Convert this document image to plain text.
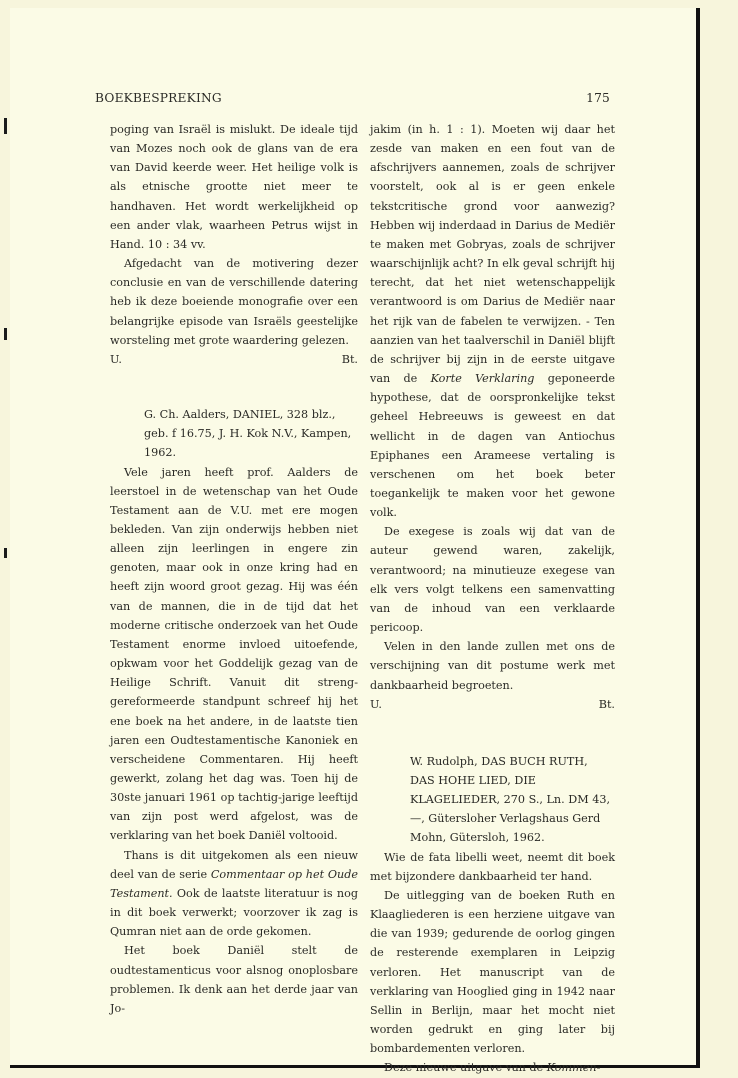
BOEKBESPREKING	175

poging van Israël is mislukt. De ideale tijd van Mozes noch ook de glans van de era van David keerde weer. Het heilige volk is als etnische grootte niet meer te handhaven. Het wordt werkelijkheid op een ander vlak, waarheen Petrus wijst in Hand. 10 : 34 vv.

Afgedacht van de motivering dezer conclusie en van de verschillende datering heb ik deze boeiende monografie over een belangrijke episode van Israëls geestelijke worsteling met grote waardering gelezen.

U.	Bt.

G. Ch. Aalders, DANIEL, 328 blz., geb. f 16.75, J. H. Kok N.V., Kampen, 1962.

Vele jaren heeft prof. Aalders de leerstoel in de wetenschap van het Oude Testament aan de V.U. met ere mogen bekleden. Van zijn onderwijs hebben niet alleen zijn leerlingen in engere zin genoten, maar ook in onze kring had en heeft zijn woord groot gezag. Hij was één van de mannen, die in de tijd dat het moderne critische onderzoek van het Oude Testament enorme invloed uitoefende, opkwam voor het Goddelijk gezag van de Heilige Schrift. Vanuit dit streng-gereformeerde standpunt schreef hij het ene boek na het andere, in de laatste tien jaren een Oudtestamentische Kanoniek en verscheidene Commentaren. Hij heeft gewerkt, zolang het dag was. Toen hij de 30ste januari 1961 op tachtig-jarige leeftijd van zijn post werd afgelost, was de verklaring van het boek Daniël voltooid.

Thans is dit uitgekomen als een nieuw deel van de serie Commentaar op het Oude Testament. Ook de laatste literatuur is nog in dit boek verwerkt; voorzover ik zag is Qumran niet aan de orde gekomen.

Het boek Daniël stelt de oudtestamenticus voor alsnog onoplosbare problemen. Ik denk aan het derde jaar van Jo-

jakim (in h. 1 : 1). Moeten wij daar het zesde van maken en een fout van de afschrijvers aannemen, zoals de schrijver voorstelt, ook al is er geen enkele tekstcritische grond voor aanwezig? Hebben wij inderdaad in Darius de Mediër te maken met Gobryas, zoals de schrijver waarschijnlijk acht? In elk geval schrijft hij terecht, dat het niet wetenschappelijk verantwoord is om Darius de Mediër naar het rijk van de fabelen te verwijzen. - Ten aanzien van het taalverschil in Daniël blijft de schrijver bij zijn in de eerste uitgave van de Korte Verklaring geponeerde hypothese, dat de oorspronkelijke tekst geheel Hebreeuws is geweest en dat wellicht in de dagen van Antiochus Epiphanes een Arameese vertaling is verschenen om het boek beter toegankelijk te maken voor het gewone volk.

De exegese is zoals wij dat van de auteur gewend waren, zakelijk, verantwoord; na minutieuze exegese van elk vers volgt telkens een samenvatting van de inhoud van een verklaarde pericoop.

Velen in den lande zullen met ons de verschijning van dit postume werk met dankbaarheid begroeten.

U.	Bt.

W. Rudolph, DAS BUCH RUTH, DAS HOHE LIED, DIE KLAGELIEDER, 270 S., Ln. DM 43,—, Gütersloher Verlagshaus Gerd Mohn, Gütersloh, 1962.

Wie de fata libelli weet, neemt dit boek met bijzondere dankbaarheid ter hand.

De uitlegging van de boeken Ruth en Klaagliederen is een herziene uitgave van die van 1939; gedurende de oorlog gingen de resterende exemplaren in Leipzig verloren. Het manuscript van de verklaring van Hooglied ging in 1942 naar Sellin in Berlijn, maar het mocht niet worden gedrukt en ging later bij bombardementen verloren.

Deze nieuwe uitgave van de Kommen-
